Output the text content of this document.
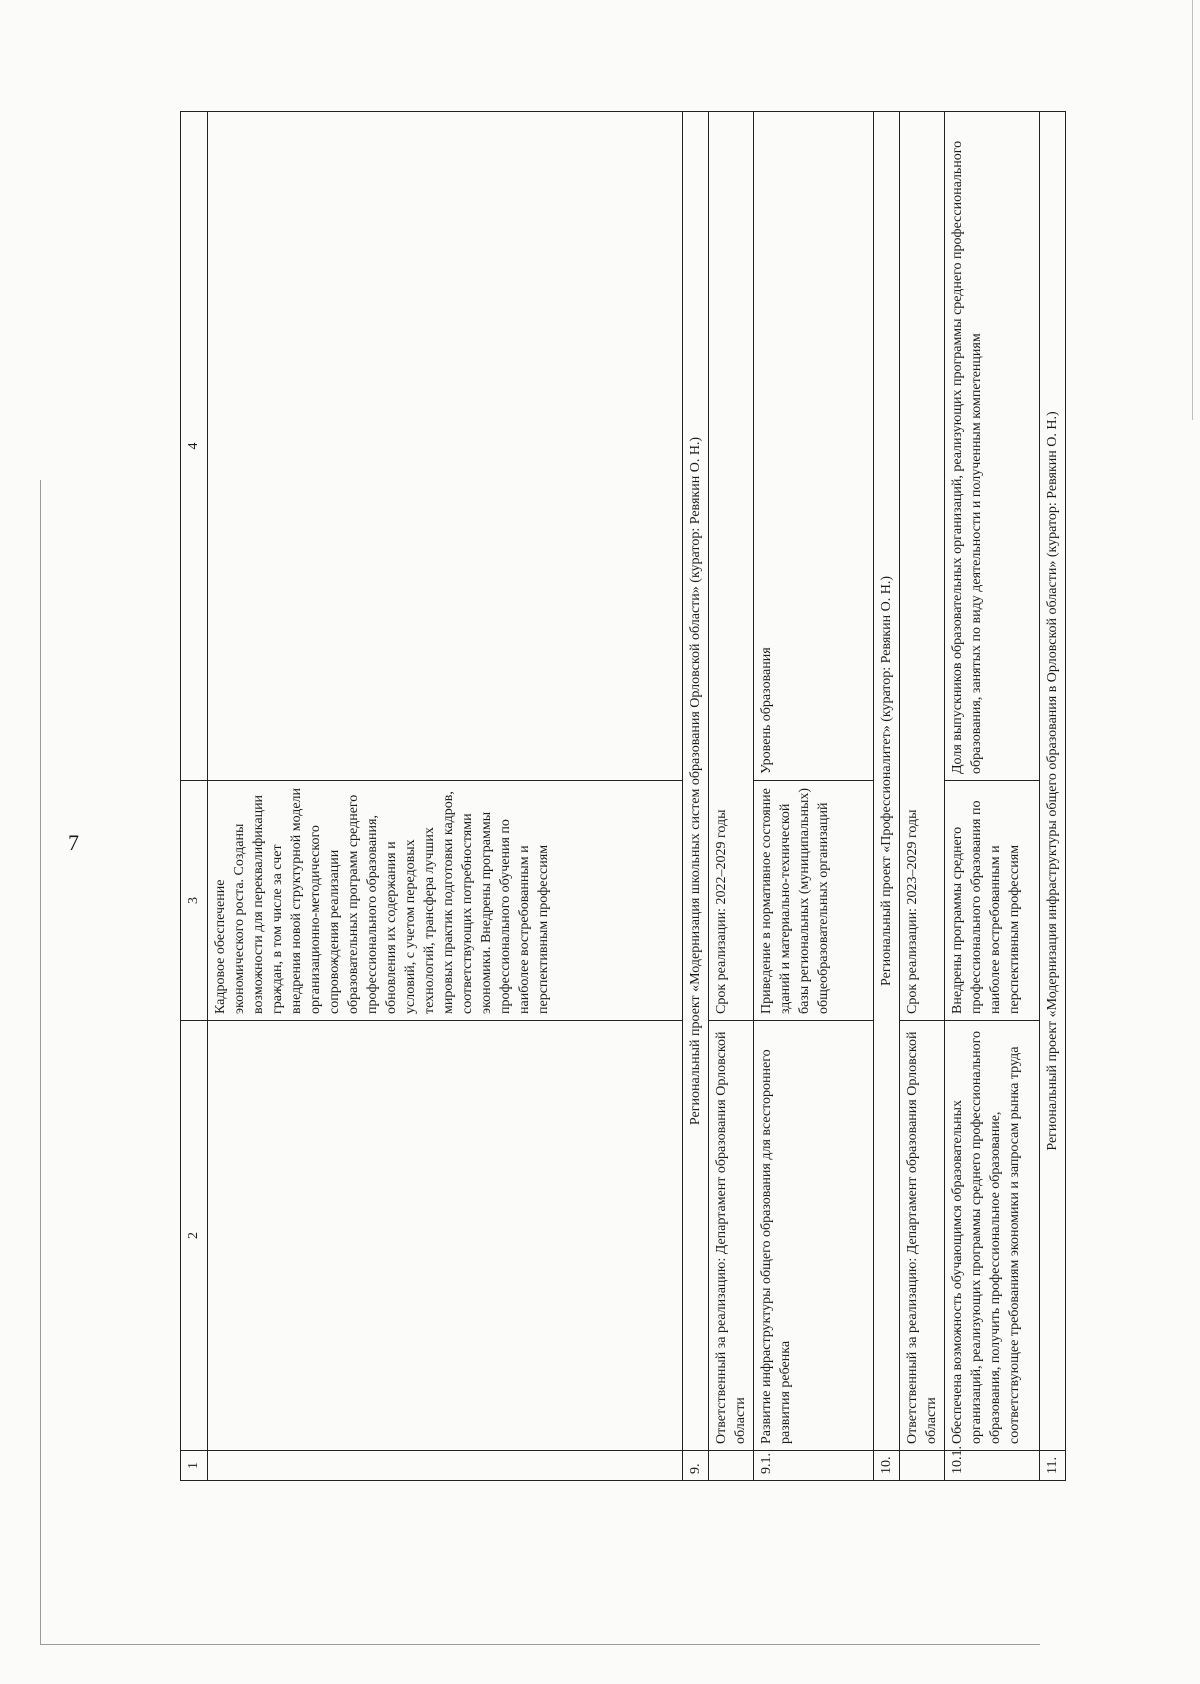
7
1	2	3	4
		Кадровое обеспечение экономического роста. Созданы возможности для переквалификации граждан, в том числе за счет внедрения новой структурной модели организационно-методического сопровождения реализации образовательных программ среднего профессионального образования, обновления их содержания и условий, с учетом передовых технологий, трансфера лучших мировых практик подготовки кадров, соответствующих потребностями экономики. Внедрены программы профессионального обучения по наиболее востребованным и перспективным профессиям	
9.	Региональный проект «Модернизация школьных систем образования Орловской области» (куратор: Ревякин О. Н.)		
	Ответственный за реализацию: Департамент образования Орловской области	Срок реализации: 2022–2029 годы	
9.1.	Развитие инфраструктуры общего образования для всестороннего развития ребенка	Приведение в нормативное состояние зданий и материально-технической базы региональных (муниципальных) общеобразовательных организаций	Уровень образования
10.	Региональный проект «Профессионалитет» (куратор: Ревякин О. Н.)		
	Ответственный за реализацию: Департамент образования Орловской области	Срок реализации: 2023–2029 годы	
10.1.	Обеспечена возможность обучающимся образовательных организаций, реализующих программы среднего профессионального образования, получить профессиональное образование, соответствующее требованиям экономики и запросам рынка труда	Внедрены программы среднего профессионального образования по наиболее востребованным и перспективным профессиям	Доля выпускников образовательных организаций, реализующих программы среднего профессионального образования, занятых по виду деятельности и полученным компетенциям
11.	Региональный проект «Модернизация инфраструктуры общего образования в Орловской области» (куратор: Ревякин О. Н.)		
